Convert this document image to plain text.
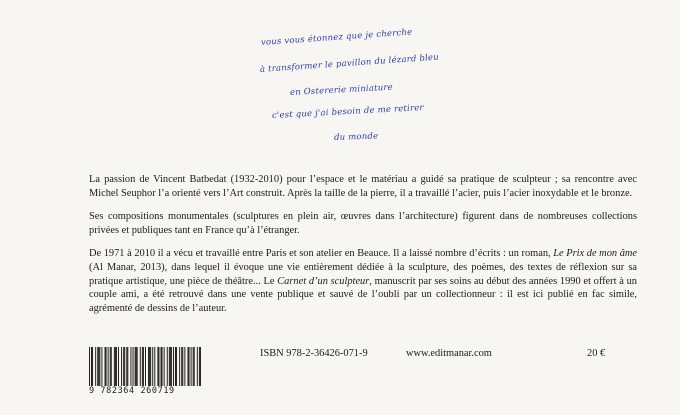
vous vous étonnez que je cherche
à transformer le pavillon du lézard bleu
en Ostererie miniature
c'est que j'ai besoin de me retirer
du monde

La passion de Vincent Batbedat (1932-2010) pour l’espace et le matériau a guidé sa pratique de sculpteur ; sa rencontre avec Michel Seuphor l’a orienté vers l’Art construit. Après la taille de la pierre, il a travaillé l’acier, puis l’acier inoxydable et le bronze.

Ses compositions monumentales (sculptures en plein air, œuvres dans l’architecture) figurent dans de nombreuses collections privées et publiques tant en France qu’à l’étranger.

De 1971 à 2010 il a vécu et travaillé entre Paris et son atelier en Beauce. Il a laissé nombre d’écrits : un roman, Le Prix de mon âme (Al Manar, 2013), dans lequel il évoque une vie entièrement dédiée à la sculpture, des poèmes, des textes de réflexion sur sa pratique artistique, une pièce de théâtre... Le Carnet d’un sculpteur, manuscrit par ses soins au début des années 1990 et offert à un couple ami, a été retrouvé dans une vente publique et sauvé de l’oubli par un collectionneur : il est ici publié en fac simile, agrémenté de dessins de l’auteur.

9 782364 260719
ISBN 978-2-36426-071-9	www.editmanar.com	20 €
